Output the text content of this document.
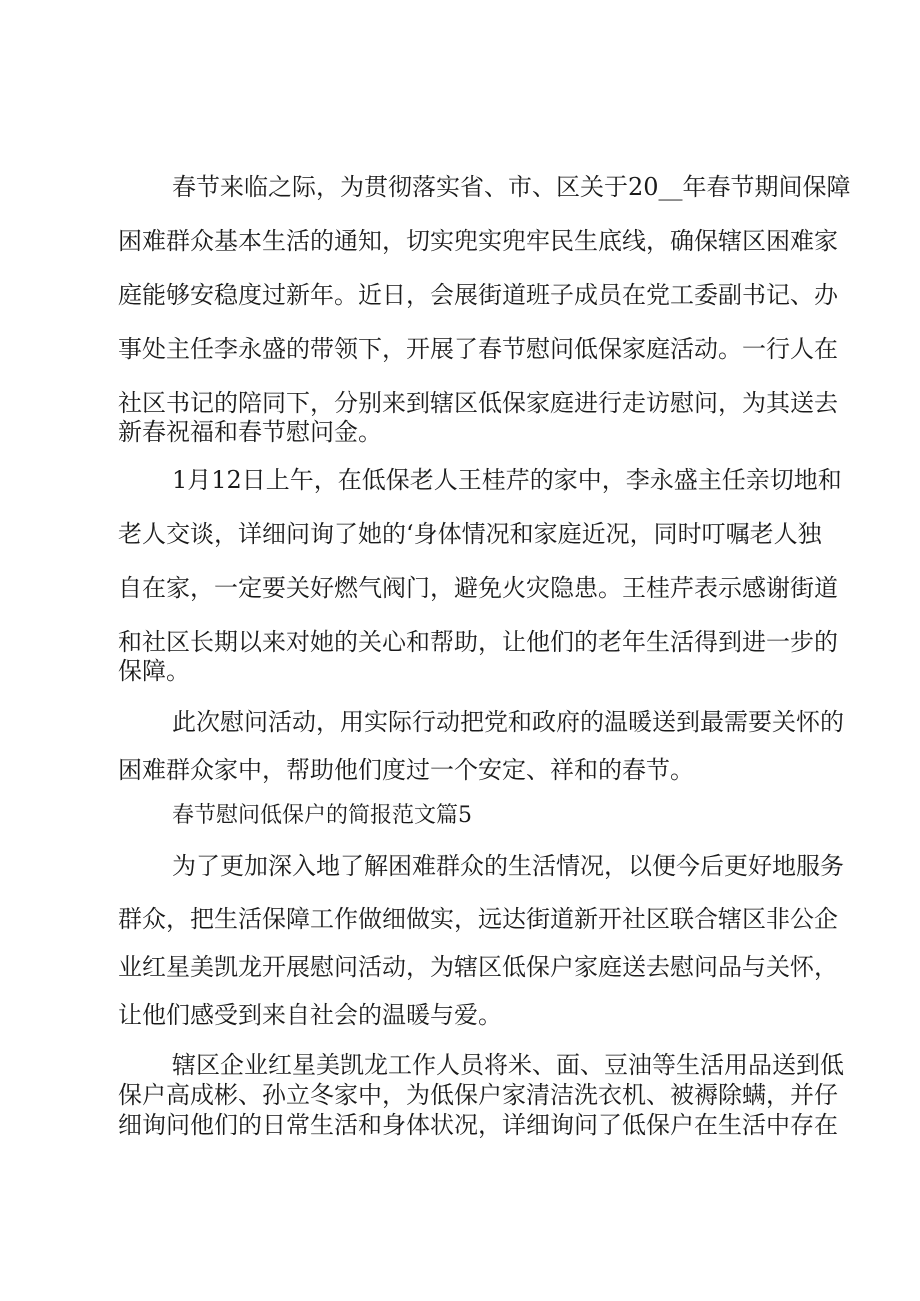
春节来临之际，为贯彻落实省、市、区关于20__年春节期间保障
困难群众基本生活的通知，切实兜实兜牢民生底线，确保辖区困难家
庭能够安稳度过新年。近日，会展街道班子成员在党工委副书记、办
事处主任李永盛的带领下，开展了春节慰问低保家庭活动。一行人在
社区书记的陪同下，分别来到辖区低保家庭进行走访慰问，为其送去
新春祝福和春节慰问金。
1月12日上午，在低保老人王桂芹的家中，李永盛主任亲切地和
老人交谈，详细问询了她的‘身体情况和家庭近况，同时叮嘱老人独
自在家，一定要关好燃气阀门，避免火灾隐患。王桂芹表示感谢街道
和社区长期以来对她的关心和帮助，让他们的老年生活得到进一步的
保障。
此次慰问活动，用实际行动把党和政府的温暖送到最需要关怀的
困难群众家中，帮助他们度过一个安定、祥和的春节。
春节慰问低保户的简报范文篇5
为了更加深入地了解困难群众的生活情况，以便今后更好地服务
群众，把生活保障工作做细做实，远达街道新开社区联合辖区非公企
业红星美凯龙开展慰问活动，为辖区低保户家庭送去慰问品与关怀，
让他们感受到来自社会的温暖与爱。
辖区企业红星美凯龙工作人员将米、面、豆油等生活用品送到低
保户高成彬、孙立冬家中，为低保户家清洁洗衣机、被褥除螨，并仔
细询问他们的日常生活和身体状况，详细询问了低保户在生活中存在
